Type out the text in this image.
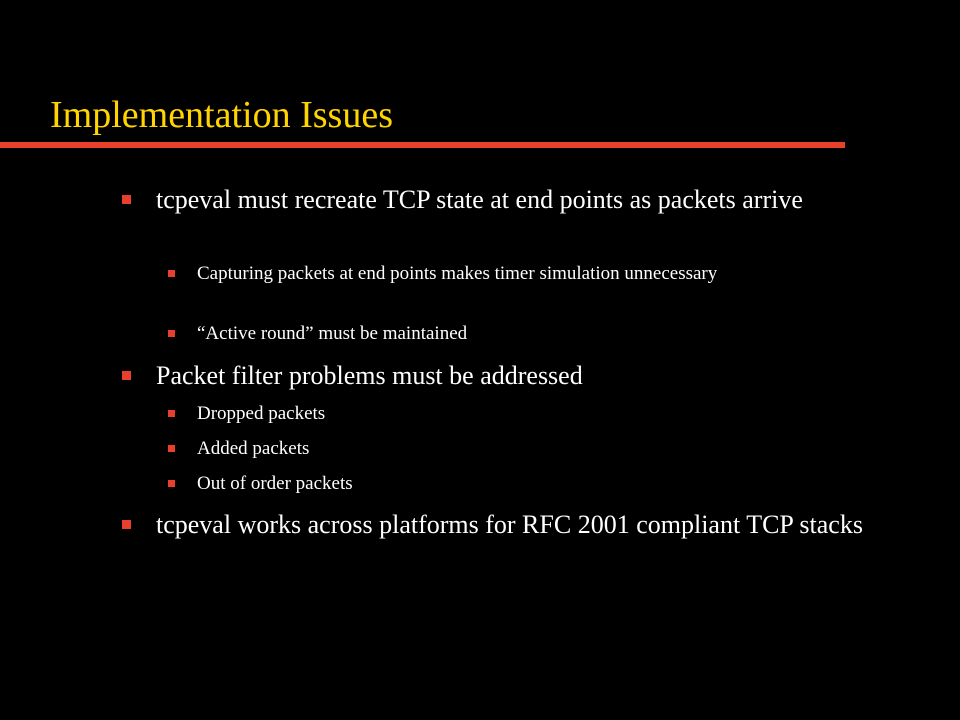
Implementation Issues
tcpeval must recreate TCP state at end points as packets arrive
Capturing packets at end points makes timer simulation unnecessary
“Active round” must be maintained
Packet filter problems must be addressed
Dropped packets
Added packets
Out of order packets
tcpeval works across platforms for RFC 2001 compliant TCP stacks
